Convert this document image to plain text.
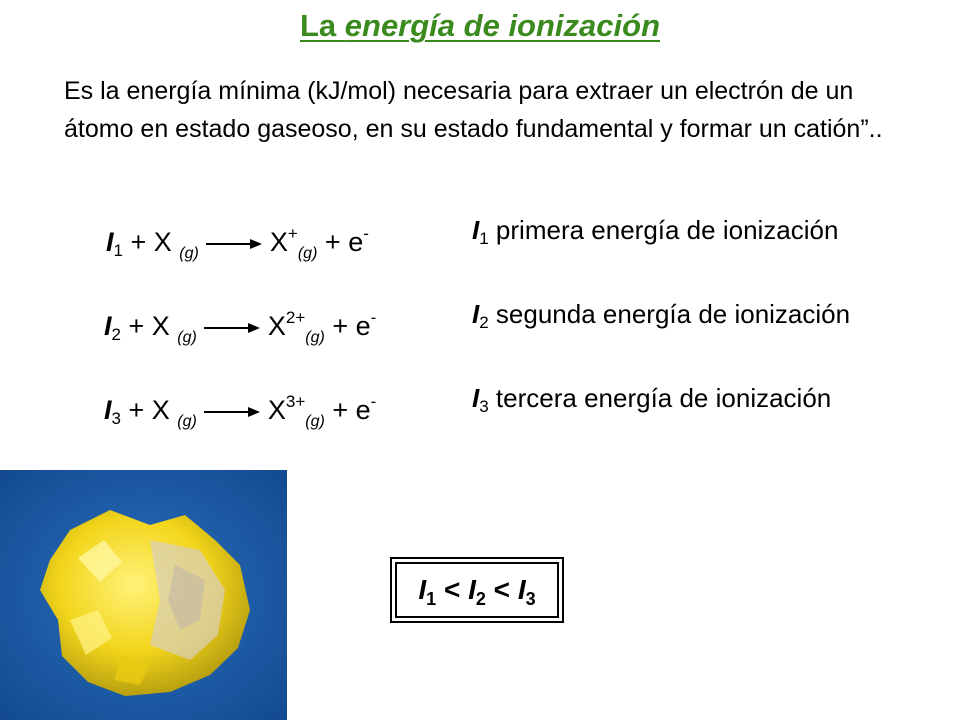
La energía de ionización
Es la energía mínima (kJ/mol) necesaria para extraer un electrón de un átomo en estado gaseoso, en su estado fundamental y formar un catión”..
$I_1 + X$ $_{(g)} \to X^+_{(g)} + e^-$
$I_2 + X$ $_{(g)} \to X^{2+}_{(g)} + e^-$
$I_3 + X$ $_{(g)} \to X^{3+}_{(g)} + e^-$
$I_1$ primera energía de ionización
$I_2$ segunda energía de ionización
$I_3$ tercera energía de ionización
$I_1 < I_2 < I_3$
